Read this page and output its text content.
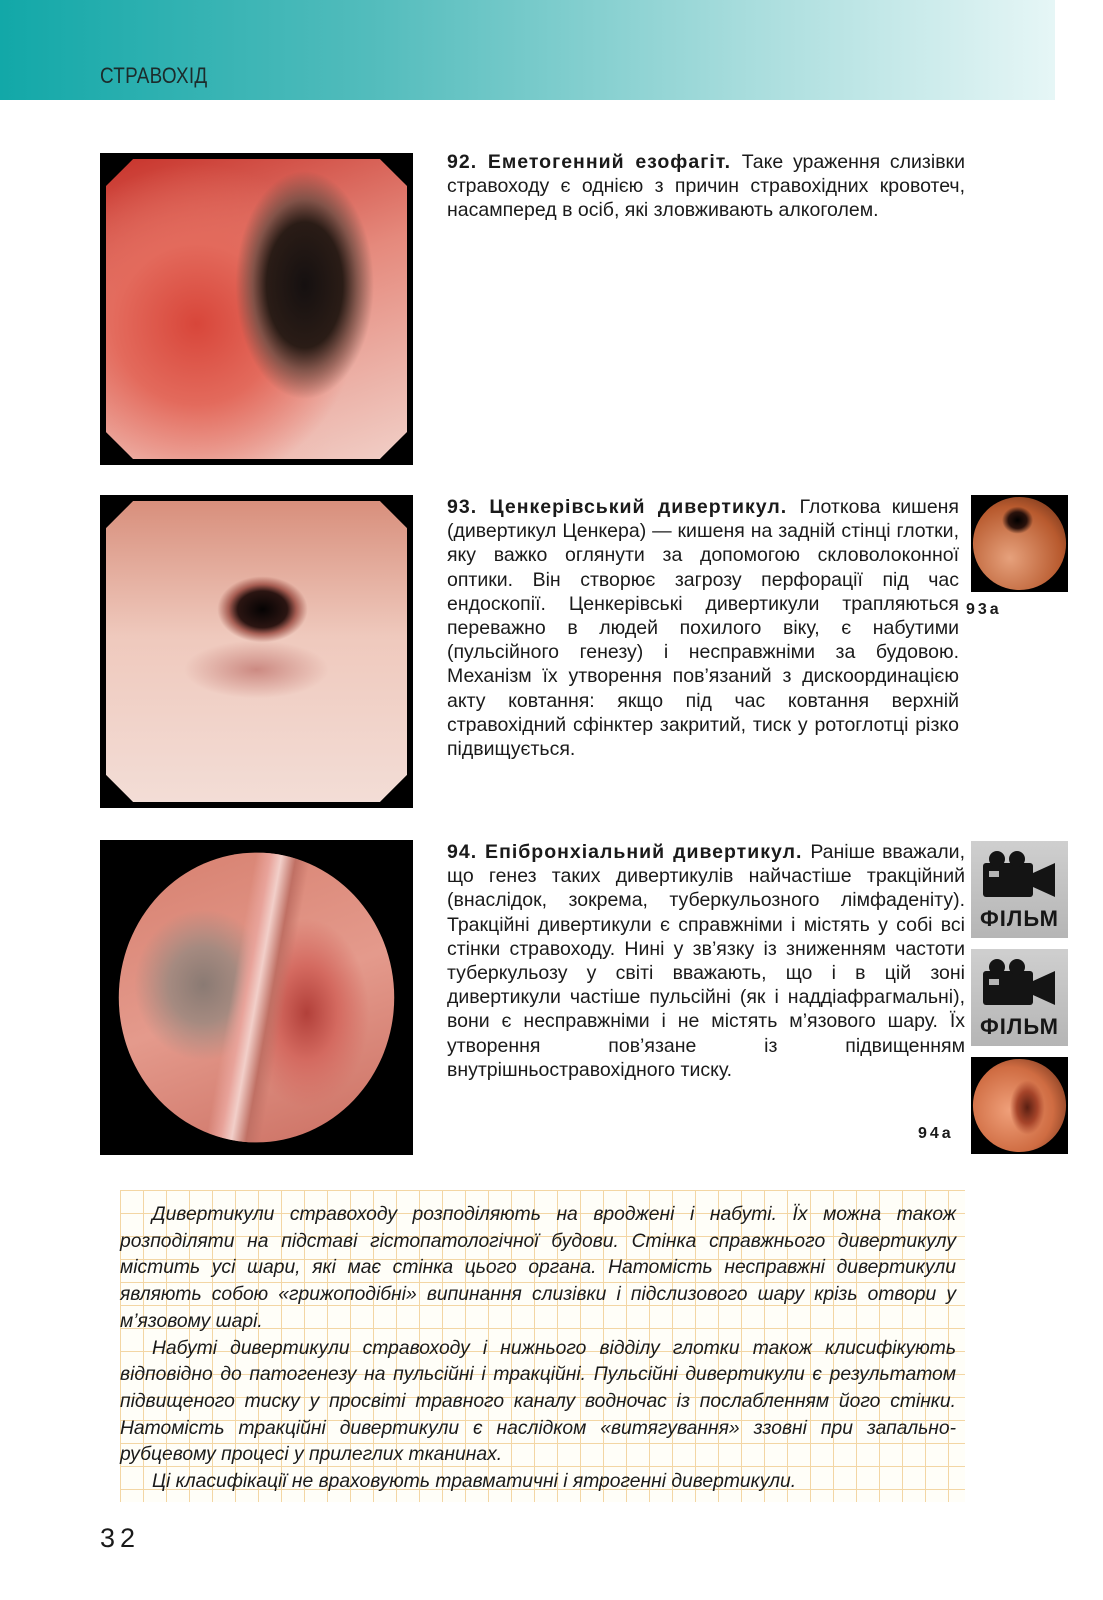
СТРАВОХІД
92. Еметогенний езофагіт. Таке ураження слизівки стравоходу є однією з причин стравохідних кровотеч, насамперед в осіб, які зловживають алкоголем.
93. Ценкерівський дивертикул. Глоткова кишеня (дивертикул Ценкера) — кишеня на задній стінці глотки, яку важко оглянути за допомогою скловолоконної оптики. Він створює загрозу перфорації під час ендоскопії. Ценкерівські дивертикули трапляються переважно в людей похилого віку, є набутими (пульсійного генезу) і несправжніми за будовою. Механізм їх утворення пов’язаний з дискоординацією акту ковтання: якщо під час ковтання верхній стравохідний сфінктер закритий, тиск у ротоглотці різко підвищується.
93а
94. Епібронхіальний дивертикул. Раніше вважали, що генез таких дивертикулів найчастіше тракційний (внаслідок, зокрема, туберкульозного лімфаденіту). Тракційні дивертикули є справжніми і містять у собі всі стінки стравоходу. Нині у зв’язку із зниженням частоти туберкульозу у світі вважають, що і в цій зоні дивертикули частіше пульсійні (як і наддіафрагмальні), вони є несправжніми і не містять м’язового шару. Їх утворення пов’язане із підвищенням внутрішньостравохідного тиску.
ФІЛЬМ
ФІЛЬМ
94а

Дивертикули стравоходу розподіляють на вроджені і набуті. Їх можна також розподіляти на підставі гістопатологічної будови. Стінка справжнього дивертикулу містить усі шари, які має стінка цього органа. Натомість несправжні дивертикули являють собою «грижоподібні» випинання слизівки і підслизового шару крізь отвори у м’язовому шарі.

Набуті дивертикули стравоходу і нижнього відділу глотки також клисифікують відповідно до патогенезу на пульсійні і тракційні. Пульсійні дивертикули є результатом підвищеного тиску у просвіті травного каналу водночас із послабленням його стінки. Натомість тракційні дивертикули є наслідком «витягування» ззовні при запально-рубцевому процесі у прилеглих тканинах.

Ці класифікації не враховують травматичні і ятрогенні дивертикули.

32
